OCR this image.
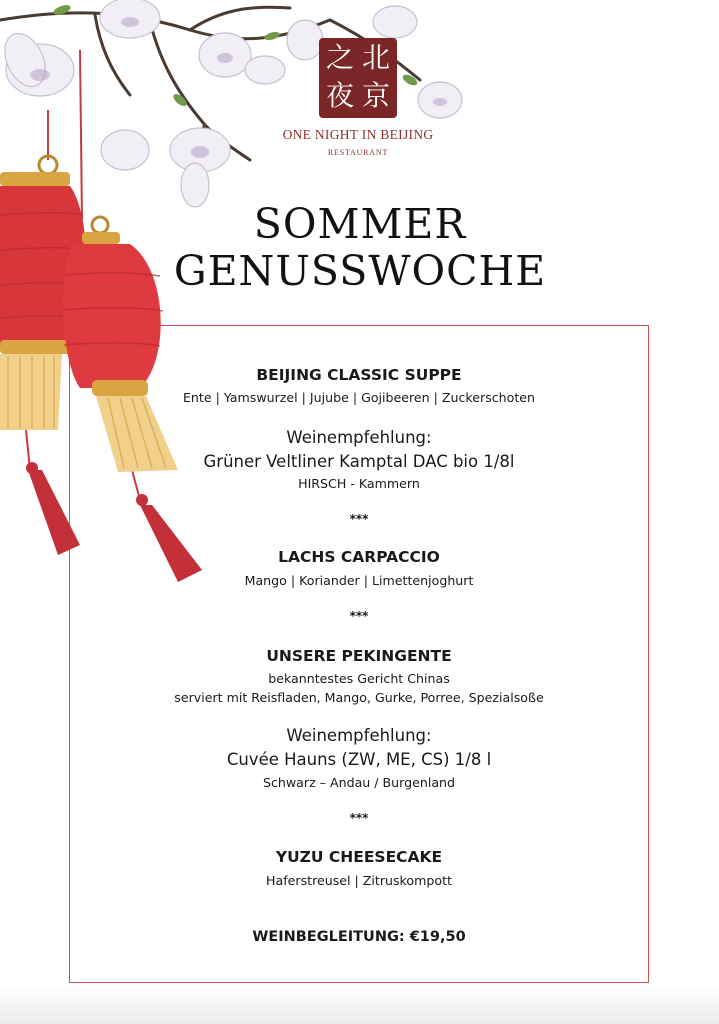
北
京
之
夜
ONE NIGHT IN BEIJING
RESTAURANT
SOMMER
GENUSSWOCHE
BEIJING CLASSIC SUPPE
Ente | Yamswurzel | Jujube | Gojibeeren | Zuckerschoten
Weinempfehlung:
Grüner Veltliner Kamptal DAC bio 1/8l
HIRSCH - Kammern
***
LACHS CARPACCIO
Mango | Koriander | Limettenjoghurt
***
UNSERE PEKINGENTE
bekanntestes Gericht Chinas
serviert mit Reisfladen, Mango, Gurke, Porree, Spezialsoße
Weinempfehlung:
Cuvée Hauns (ZW, ME, CS) 1/8 l
Schwarz – Andau / Burgenland
***
YUZU CHEESECAKE
Haferstreusel | Zitruskompott
WEINBEGLEITUNG: €19,50
